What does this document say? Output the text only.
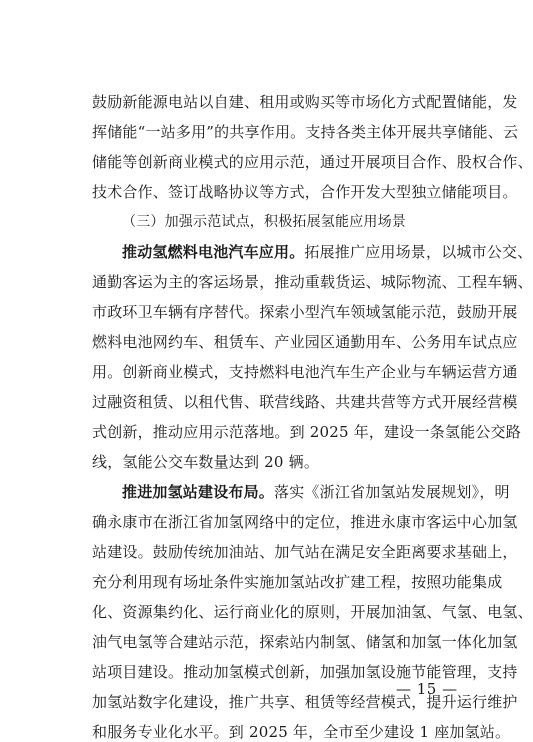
鼓励新能源电站以自建、租用或购买等市场化方式配置储能，发
挥储能“一站多用”的共享作用。支持各类主体开展共享储能、云
储能等创新商业模式的应用示范，通过开展项目合作、股权合作、
技术合作、签订战略协议等方式，合作开发大型独立储能项目。
（三）加强示范试点，积极拓展氢能应用场景
推动氢燃料电池汽车应用。拓展推广应用场景，以城市公交、
通勤客运为主的客运场景，推动重载货运、城际物流、工程车辆、
市政环卫车辆有序替代。探索小型汽车领域氢能示范，鼓励开展
燃料电池网约车、租赁车、产业园区通勤用车、公务用车试点应
用。创新商业模式，支持燃料电池汽车生产企业与车辆运营方通
过融资租赁、以租代售、联营线路、共建共营等方式开展经营模
式创新，推动应用示范落地。到 2025 年，建设一条氢能公交路
线，氢能公交车数量达到 20 辆。
推进加氢站建设布局。落实《浙江省加氢站发展规划》，明
确永康市在浙江省加氢网络中的定位，推进永康市客运中心加氢
站建设。鼓励传统加油站、加气站在满足安全距离要求基础上，
充分利用现有场址条件实施加氢站改扩建工程，按照功能集成
化、资源集约化、运行商业化的原则，开展加油氢、气氢、电氢、
油气电氢等合建站示范，探索站内制氢、储氢和加氢一体化加氢
站项目建设。推动加氢模式创新，加强加氢设施节能管理，支持
加氢站数字化建设，推广共享、租赁等经营模式，提升运行维护
和服务专业化水平。到 2025 年，全市至少建设 1 座加氢站。
— 15 —
